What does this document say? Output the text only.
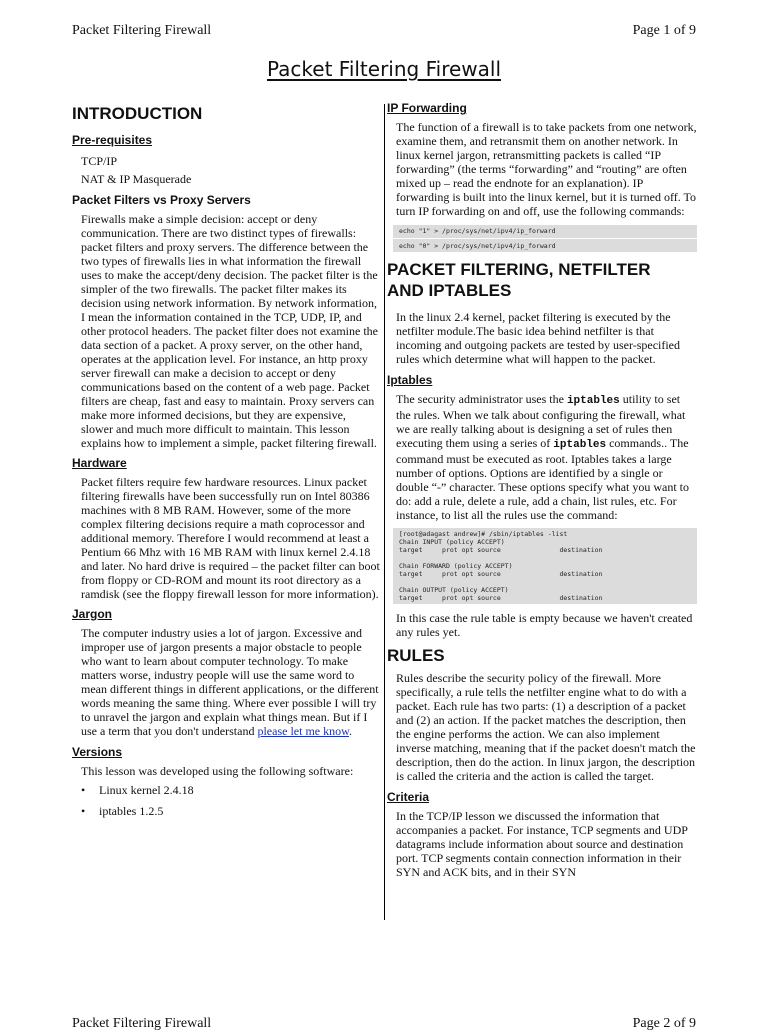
Packet Filtering Firewall	Page 1 of 9
Packet Filtering Firewall
INTRODUCTION
Pre-requisites
TCP/IP
NAT & IP Masquerade
Packet Filters vs Proxy Servers

Firewalls make a simple decision: accept or deny communication. There are two distinct types of firewalls: packet filters and proxy servers. The difference between the two types of firewalls lies in what information the firewall uses to make the accept/deny decision. The packet filter is the simpler of the two firewalls. The packet filter makes its decision using network information. By network information, I mean the information contained in the TCP, UDP, IP, and other protocol headers. The packet filter does not examine the data section of a packet. A proxy server, on the other hand, operates at the application level. For instance, an http proxy server firewall can make a decision to accept or deny communications based on the content of a web page. Packet filters are cheap, fast and easy to maintain. Proxy servers can make more informed decisions, but they are expensive, slower and much more difficult to maintain. This lesson explains how to implement a simple, packet filtering firewall.

Hardware

Packet filters require few hardware resources. Linux packet filtering firewalls have been successfully run on Intel 80386 machines with 8 MB RAM. However, some of the more complex filtering decisions require a math coprocessor and additional memory. Therefore I would recommend at least a Pentium 66 Mhz with 16 MB RAM with linux kernel 2.4.18 and later. No hard drive is required – the packet filter can boot from floppy or CD-ROM and mount its root directory as a ramdisk (see the floppy firewall lesson for more information).

Jargon

The computer industry usies a lot of jargon. Excessive and improper use of jargon presents a major obstacle to people who want to learn about computer technology. To make matters worse, industry people will use the same word to mean different things in different applications, or the different words meaning the same thing. Where ever possible I will try to unravel the jargon and explain what things mean. But if I use a term that you don't understand please let me know.

Versions

This lesson was developed using the following software:

• Linux kernel 2.4.18
• iptables 1.2.5
IP Forwarding

The function of a firewall is to take packets from one network, examine them, and retransmit them on another network. In linux kernel jargon, retransmitting packets is called “IP forwarding” (the terms “forwarding” and “routing” are often mixed up – read the endnote for an explanation). IP forwarding is built into the linux kernel, but it is turned off. To turn IP forwarding on and off, use the following commands:

echo "1" > /proc/sys/net/ipv4/ip_forward
echo "0" > /proc/sys/net/ipv4/ip_forward
PACKET FILTERING, NETFILTER
AND IPTABLES

In the linux 2.4 kernel, packet filtering is executed by the netfilter module.The basic idea behind netfilter is that incoming and outgoing packets are tested by user-specified rules which determine what will happen to the packet.

Iptables

The security administrator uses the iptables utility to set the rules. When we talk about configuring the firewall, what we are really talking about is designing a set of rules then executing them using a series of iptables commands.. The command must be executed as root. Iptables takes a large number of options. Options are identified by a single or double “-” character. These options specify what you want to do: add a rule, delete a rule, add a chain, list rules, etc. For instance, to list all the rules use the command:

[root@adagast andrew]# /sbin/iptables -list
Chain INPUT (policy ACCEPT)
target     prot opt source               destination
Chain FORWARD (policy ACCEPT)
target     prot opt source               destination
Chain OUTPUT (policy ACCEPT)
target     prot opt source               destination

In this case the rule table is empty because we haven't created any rules yet.

RULES

Rules describe the security policy of the firewall. More specifically, a rule tells the netfilter engine what to do with a packet. Each rule has two parts: (1) a description of a packet and (2) an action. If the packet matches the description, then the engine performs the action. We can also implement inverse matching, meaning that if the packet doesn't match the description, then do the action. In linux jargon, the description is called the criteria and the action is called the target.

Criteria

In the TCP/IP lesson we discussed the information that accompanies a packet. For instance, TCP segments and UDP datagrams include information about source and destination port. TCP segments contain connection information in their SYN and ACK bits, and in their SYN

Packet Filtering Firewall	Page 2 of 9
